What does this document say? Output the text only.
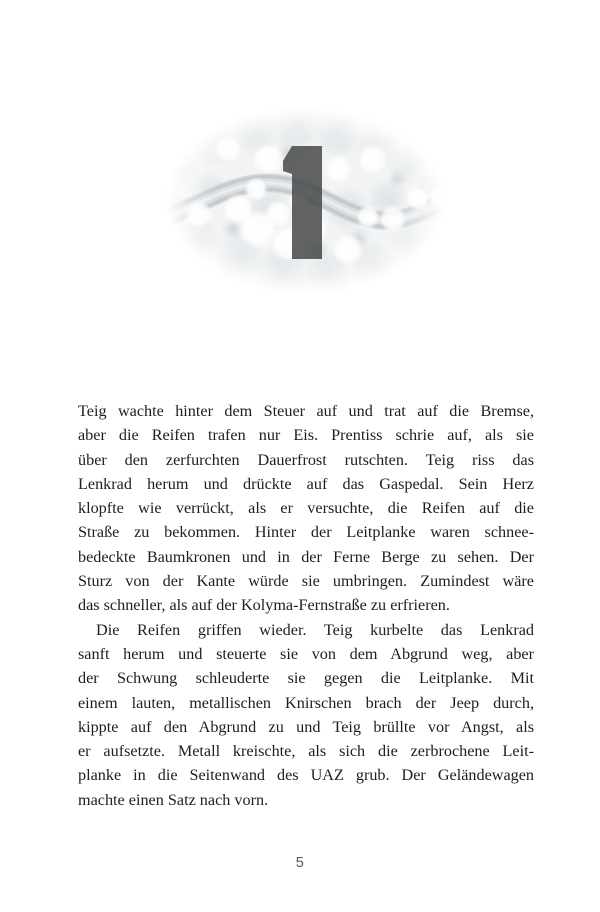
Teig wachte hinter dem Steuer auf und trat auf die Bremse,
aber die Reifen trafen nur Eis. Prentiss schrie auf, als sie
über den zerfurchten Dauerfrost rutschten. Teig riss das
Lenkrad herum und drückte auf das Gaspedal. Sein Herz
klopfte wie verrückt, als er versuchte, die Reifen auf die
Straße zu bekommen. Hinter der Leitplanke waren schnee-
bedeckte Baumkronen und in der Ferne Berge zu sehen. Der
Sturz von der Kante würde sie umbringen. Zumindest wäre
das schneller, als auf der Kolyma-Fernstraße zu erfrieren.
Die Reifen griffen wieder. Teig kurbelte das Lenkrad
sanft herum und steuerte sie von dem Abgrund weg, aber
der Schwung schleuderte sie gegen die Leitplanke. Mit
einem lauten, metallischen Knirschen brach der Jeep durch,
kippte auf den Abgrund zu und Teig brüllte vor Angst, als
er aufsetzte. Metall kreischte, als sich die zerbrochene Leit-
planke in die Seitenwand des UAZ grub. Der Geländewagen
machte einen Satz nach vorn.
5
